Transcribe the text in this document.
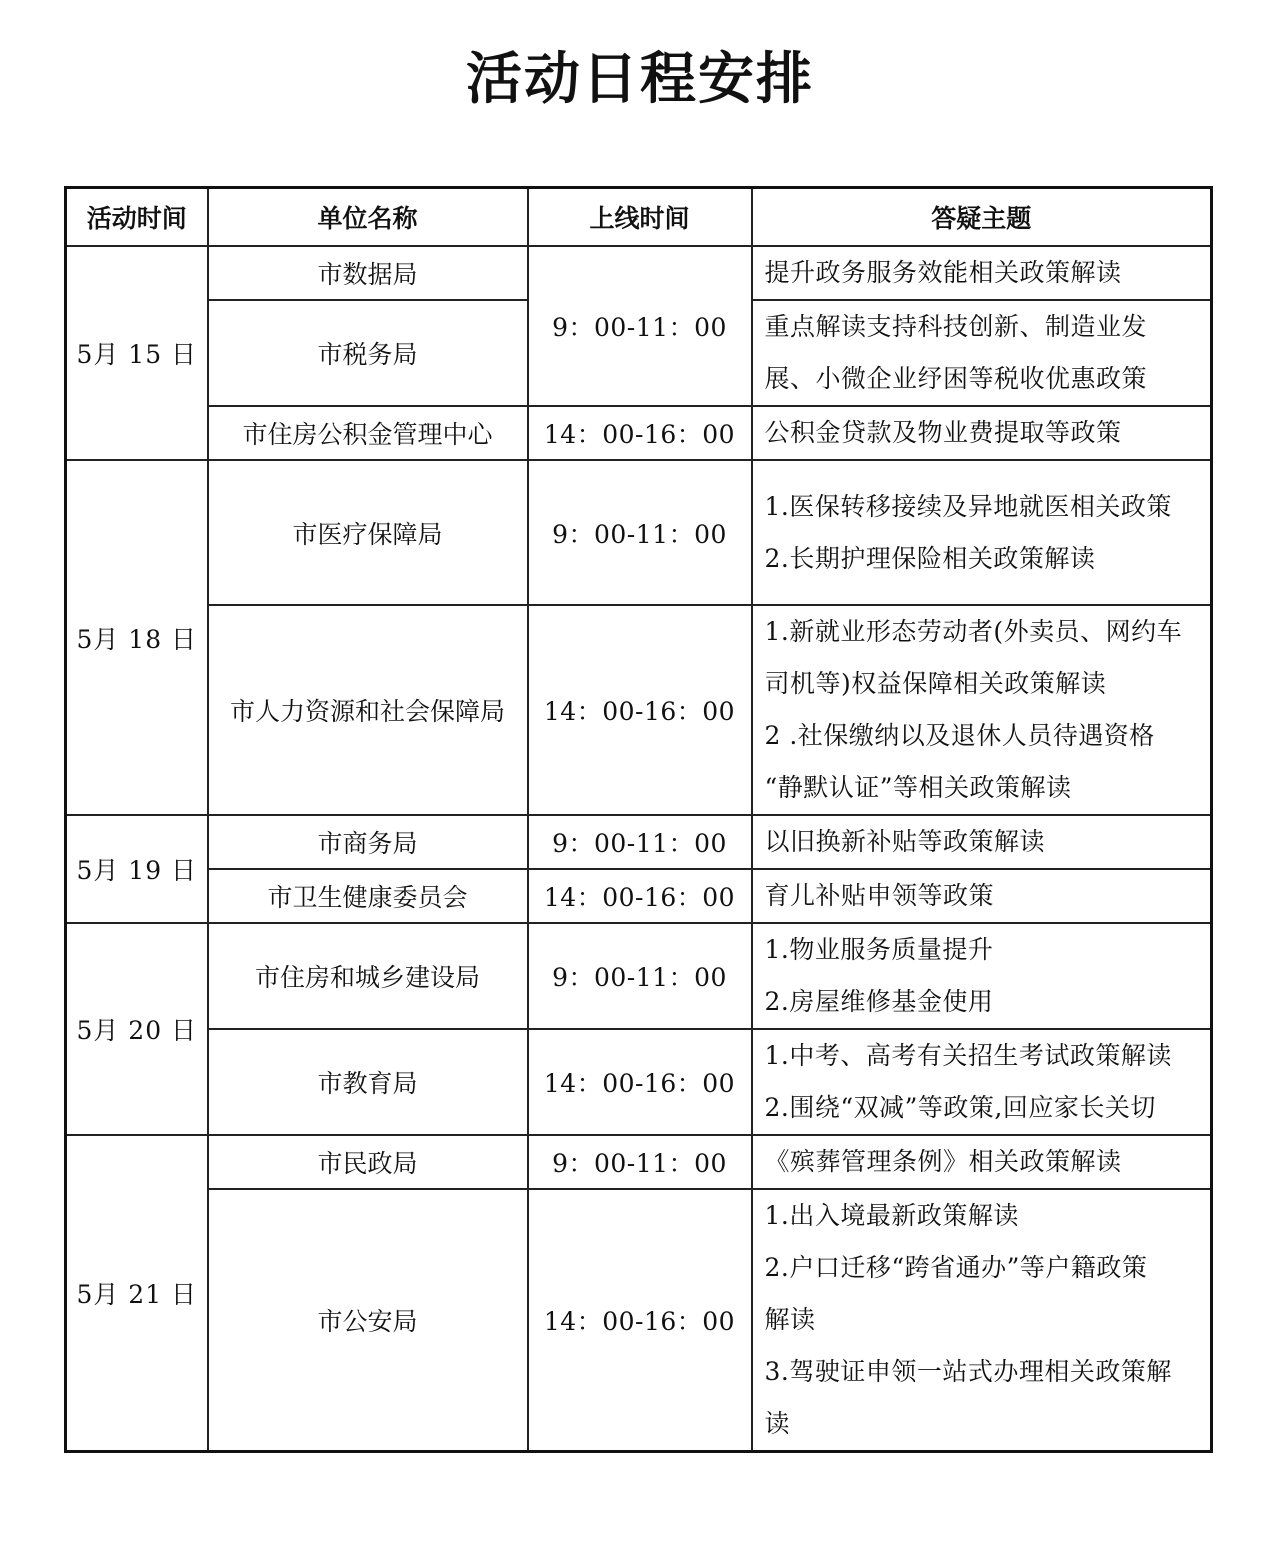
活动日程安排
活动时间	单位名称	上线时间	答疑主题
5月 15 日	市数据局	9：00-11：00	提升政务服务效能相关政策解读

	市税务局		重点解读支持科技创新、制造业发
展、小微企业纾困等税收优惠政策

	市住房公积金管理中心	14：00-16：00	公积金贷款及物业费提取等政策

5月 18 日	市医疗保障局	9：00-11：00	1.医保转移接续及异地就医相关政策
2.长期护理保险相关政策解读

	市人力资源和社会保障局	14：00-16：00	1.新就业形态劳动者(外卖员、网约车
司机等)权益保障相关政策解读
2 .社保缴纳以及退休人员待遇资格
“静默认证”等相关政策解读

5月 19 日	市商务局	9：00-11：00	以旧换新补贴等政策解读

	市卫生健康委员会	14：00-16：00	育儿补贴申领等政策

5月 20 日	市住房和城乡建设局	9：00-11：00	1.物业服务质量提升
2.房屋维修基金使用

	市教育局	14：00-16：00	1.中考、高考有关招生考试政策解读
2.围绕“双减”等政策,回应家长关切

5月 21 日	市民政局	9：00-11：00	《殡葬管理条例》相关政策解读

	市公安局	14：00-16：00	1.出入境最新政策解读
2.户口迁移“跨省通办”等户籍政策
解读
3.驾驶证申领一站式办理相关政策解
读
